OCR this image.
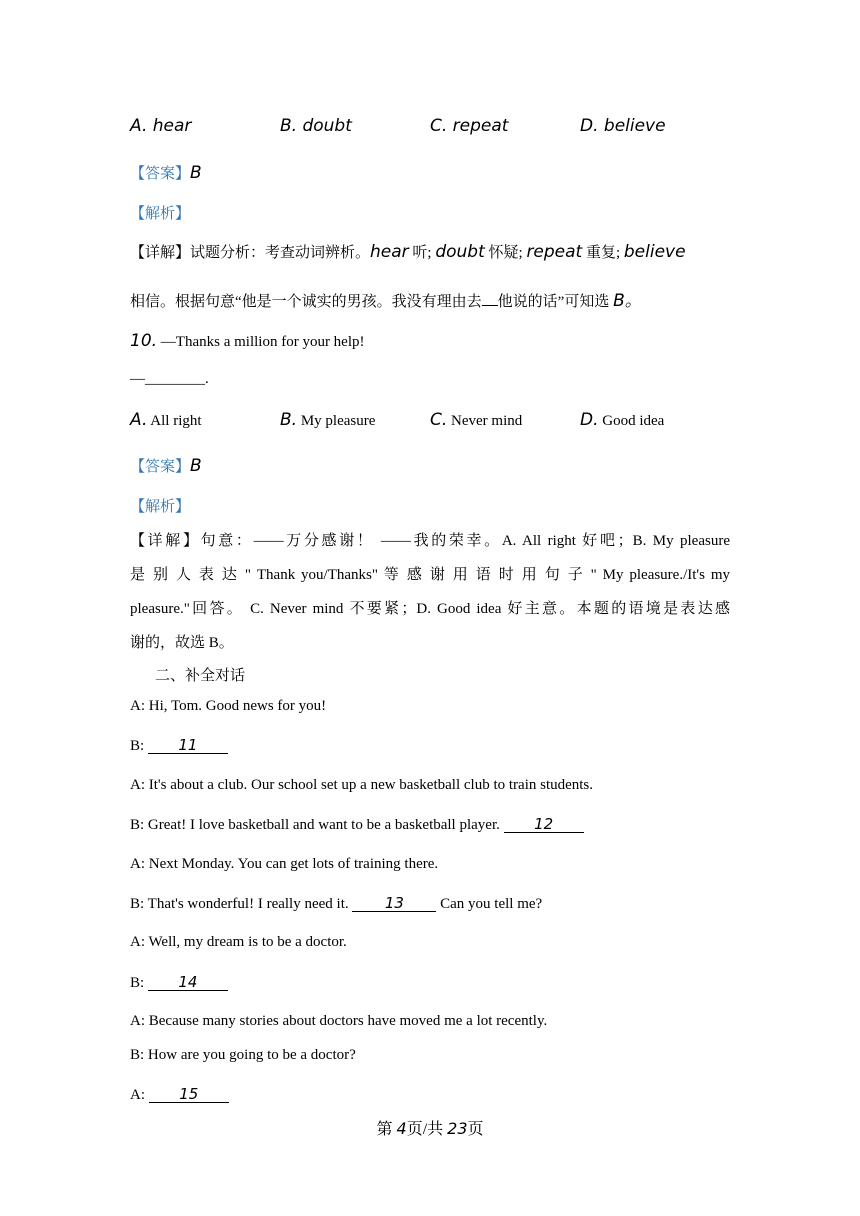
A. hear	B. doubt	C. repeat	D. believe
【答案】B
【解析】
【详解】试题分析：考查动词辨析。hear 听; doubt 怀疑; repeat 重复; believe
相信。根据句意“他是一个诚实的男孩。我没有理由去 他说的话”可知选 B。
10. —Thanks a million for your help!
—________.
A. All right	B. My pleasure	C. Never mind	D. Good idea
【答案】B
【解析】
【详解】句意：——万分感谢！ ——我的荣幸。A. All right 好吧；B. My pleasure
是 别 人 表 达 " Thank you/Thanks" 等 感 谢 用 语 时 用 句 子 " My pleasure./It's my
pleasure."回答。 C. Never mind 不要紧；D. Good idea 好主意。本题的语境是表达感
谢的，故选 B。
二、补全对话
A: Hi, Tom. Good news for you!
B: 11
A: It's about a club. Our school set up a new basketball club to train students.
B: Great! I love basketball and want to be a basketball player. 12
A: Next Monday. You can get lots of training there.
B: That's wonderful! I really need it. 13 Can you tell me?
A: Well, my dream is to be a doctor.
B: 14
A: Because many stories about doctors have moved me a lot recently.
B: How are you going to be a doctor?
A: 15
第 4页/共 23页
